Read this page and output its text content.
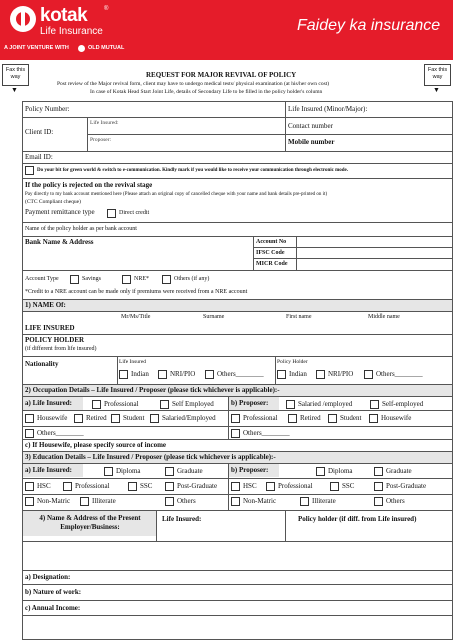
kotak	®
Life Insurance
A JOINT VENTURE WITH	OLD MUTUAL
Faidey ka insurance
Fax this way
▼
Fax this way
▼
REQUEST FOR MAJOR REVIVAL OF POLICY
Post review of the Major revival form, client may have to undergo medical tests/ physical examination (at his/her own cost)
In case of Kotak Head Start Joint Life, details of Secondary Life to be filled in the policy holder's column
Policy Number:	Life Insured (Minor/Major):
Client ID:
Life Insured:
Proposer:
Contact number
Mobile number
Email ID:
Do your bit for green world & switch to e-communication. Kindly mark if you would like to receive your communication through electronic mode.
If the policy is rejected on the revival stage
Pay directly to my bank account mentioned here (Please attach an original copy of cancelled cheque with your name and bank details pre-printed on it)
(CTC Compliant cheque)
Payment remittance type	Direct credit
Name of the policy holder as per bank account
Bank Name & Address	Account No
IFSC Code
MICR Code
Account Type	Savings	NRE*	Others (if any)
*Credit to a NRE account can be made only if premiums were received from a NRE account
1) NAME Of:
Mr/Ms/Title	Surname	First name	Middle name
LIFE INSURED
POLICY HOLDER
(if different from life insured)
Nationality	Life Insured	Policy Holder
Indian	NRI/PIO	Others________	Indian	NRI/PIO	Others________
2) Occupation Details – Life Insured / Proposer (please tick whichever is applicable):-
a) Life Insured:	Professional	Self Employed b) Proposer:	Salaried /employed	Self-employed
Housewife	Retired Student	Salaried/Employed	Professional	Retired	Student	Housewife
Others________	Others________
c) If Housewife, please specify source of income
3) Education Details – Life Insured / Proposer (please tick whichever is applicable):-
a) Life Insured:	Diploma	Graduate	b) Proposer:	Diploma	Graduate
HSC	Professional	SSC	Post-Graduate	HSC	Professional	SSC	Post-Graduate
Non-Matric	Illiterate	Others	Non-Matric	Illiterate	Others
4) Name & Address of the Present Employer/Business:
Life Insured:	Policy holder (if diff. from Life insured)
a) Designation:
b) Nature of work:
c) Annual Income:
